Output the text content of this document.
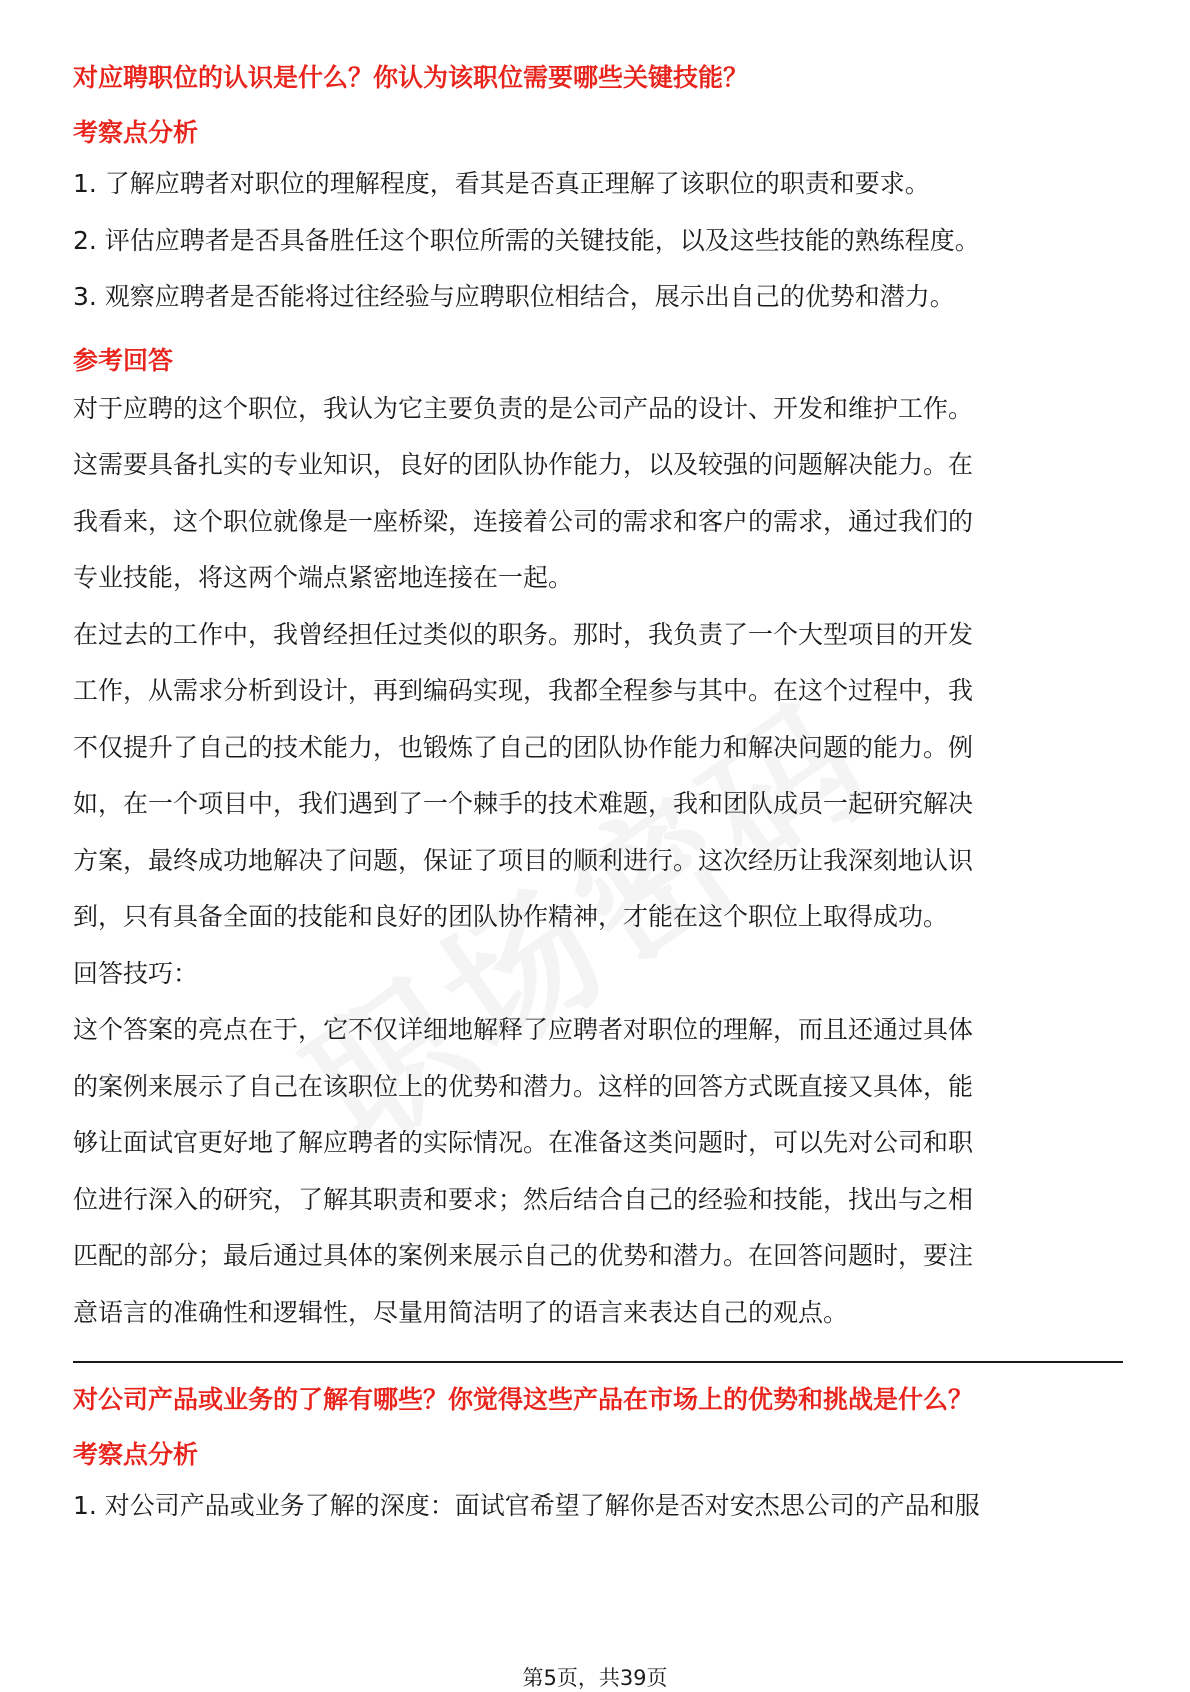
对应聘职位的认识是什么？你认为该职位需要哪些关键技能？

考察点分析

1. 了解应聘者对职位的理解程度，看其是否真正理解了该职位的职责和要求。

2. 评估应聘者是否具备胜任这个职位所需的关键技能，以及这些技能的熟练程度。

3. 观察应聘者是否能将过往经验与应聘职位相结合，展示出自己的优势和潜力。

参考回答

对于应聘的这个职位，我认为它主要负责的是公司产品的设计、开发和维护工作。

这需要具备扎实的专业知识，良好的团队协作能力，以及较强的问题解决能力。在

我看来，这个职位就像是一座桥梁，连接着公司的需求和客户的需求，通过我们的

专业技能，将这两个端点紧密地连接在一起。

在过去的工作中，我曾经担任过类似的职务。那时，我负责了一个大型项目的开发

工作，从需求分析到设计，再到编码实现，我都全程参与其中。在这个过程中，我

不仅提升了自己的技术能力，也锻炼了自己的团队协作能力和解决问题的能力。例

如，在一个项目中，我们遇到了一个棘手的技术难题，我和团队成员一起研究解决

方案，最终成功地解决了问题，保证了项目的顺利进行。这次经历让我深刻地认识

到，只有具备全面的技能和良好的团队协作精神，才能在这个职位上取得成功。

回答技巧：

这个答案的亮点在于，它不仅详细地解释了应聘者对职位的理解，而且还通过具体

的案例来展示了自己在该职位上的优势和潜力。这样的回答方式既直接又具体，能

够让面试官更好地了解应聘者的实际情况。在准备这类问题时，可以先对公司和职

位进行深入的研究，了解其职责和要求；然后结合自己的经验和技能，找出与之相

匹配的部分；最后通过具体的案例来展示自己的优势和潜力。在回答问题时，要注

意语言的准确性和逻辑性，尽量用简洁明了的语言来表达自己的观点。

对公司产品或业务的了解有哪些？你觉得这些产品在市场上的优势和挑战是什么？

考察点分析

1. 对公司产品或业务了解的深度：面试官希望了解你是否对安杰思公司的产品和服

第5页，共39页
